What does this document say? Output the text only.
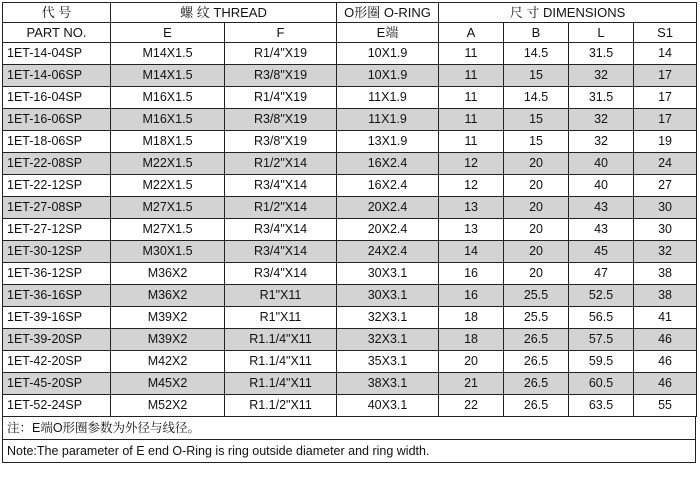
代 号	螺 纹 THREAD		O形圈 O-RING	尺 寸 DIMENSIONS			
PART NO.	E	F	E端	A	B	L	S1
1ET-14-04SP	M14X1.5	R1/4"X19	10X1.9	11	14.5	31.5	14
1ET-14-06SP	M14X1.5	R3/8"X19	10X1.9	11	15	32	17
1ET-16-04SP	M16X1.5	R1/4"X19	11X1.9	11	14.5	31.5	17
1ET-16-06SP	M16X1.5	R3/8"X19	11X1.9	11	15	32	17
1ET-18-06SP	M18X1.5	R3/8"X19	13X1.9	11	15	32	19
1ET-22-08SP	M22X1.5	R1/2"X14	16X2.4	12	20	40	24
1ET-22-12SP	M22X1.5	R3/4"X14	16X2.4	12	20	40	27
1ET-27-08SP	M27X1.5	R1/2"X14	20X2.4	13	20	43	30
1ET-27-12SP	M27X1.5	R3/4"X14	20X2.4	13	20	43	30
1ET-30-12SP	M30X1.5	R3/4"X14	24X2.4	14	20	45	32
1ET-36-12SP	M36X2	R3/4"X14	30X3.1	16	20	47	38
1ET-36-16SP	M36X2	R1"X11	30X3.1	16	25.5	52.5	38
1ET-39-16SP	M39X2	R1"X11	32X3.1	18	25.5	56.5	41
1ET-39-20SP	M39X2	R1.1/4"X11	32X3.1	18	26.5	57.5	46
1ET-42-20SP	M42X2	R1.1/4"X11	35X3.1	20	26.5	59.5	46
1ET-45-20SP	M45X2	R1.1/4"X11	38X3.1	21	26.5	60.5	46
1ET-52-24SP	M52X2	R1.1/2"X11	40X3.1	22	26.5	63.5	55
注：E端O形圈参数为外径与线径。
Note:The parameter of E end O-Ring is ring outside diameter and ring width.
